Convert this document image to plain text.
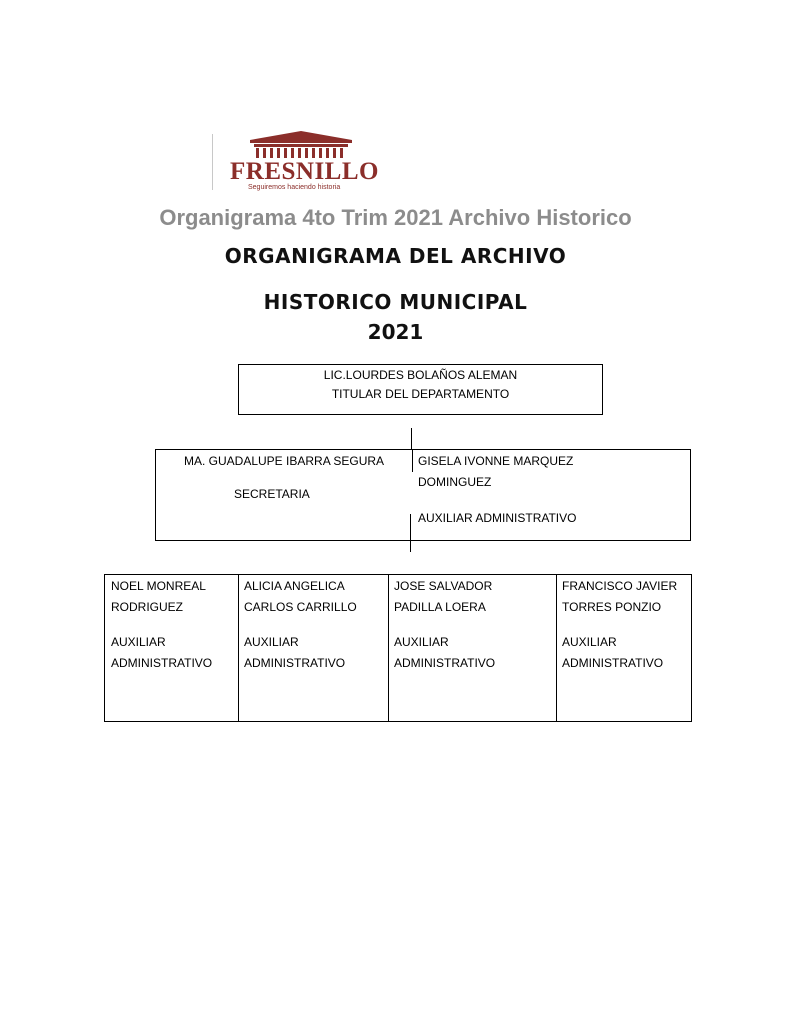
FRESNILLO
Seguiremos haciendo historia
Organigrama 4to Trim 2021 Archivo Historico
ORGANIGRAMA DEL ARCHIVO
HISTORICO MUNICIPAL
2021
LIC.LOURDES BOLAÑOS ALEMAN
TITULAR DEL DEPARTAMENTO
MA. GUADALUPE IBARRA SEGURA
SECRETARIA
GISELA IVONNE MARQUEZ
DOMINGUEZ
AUXILIAR ADMINISTRATIVO
NOEL MONREAL
RODRIGUEZ
AUXILIAR
ADMINISTRATIVO
ALICIA ANGELICA
CARLOS CARRILLO
AUXILIAR
ADMINISTRATIVO
JOSE SALVADOR
PADILLA LOERA
AUXILIAR
ADMINISTRATIVO
FRANCISCO JAVIER
TORRES PONZIO
AUXILIAR
ADMINISTRATIVO
